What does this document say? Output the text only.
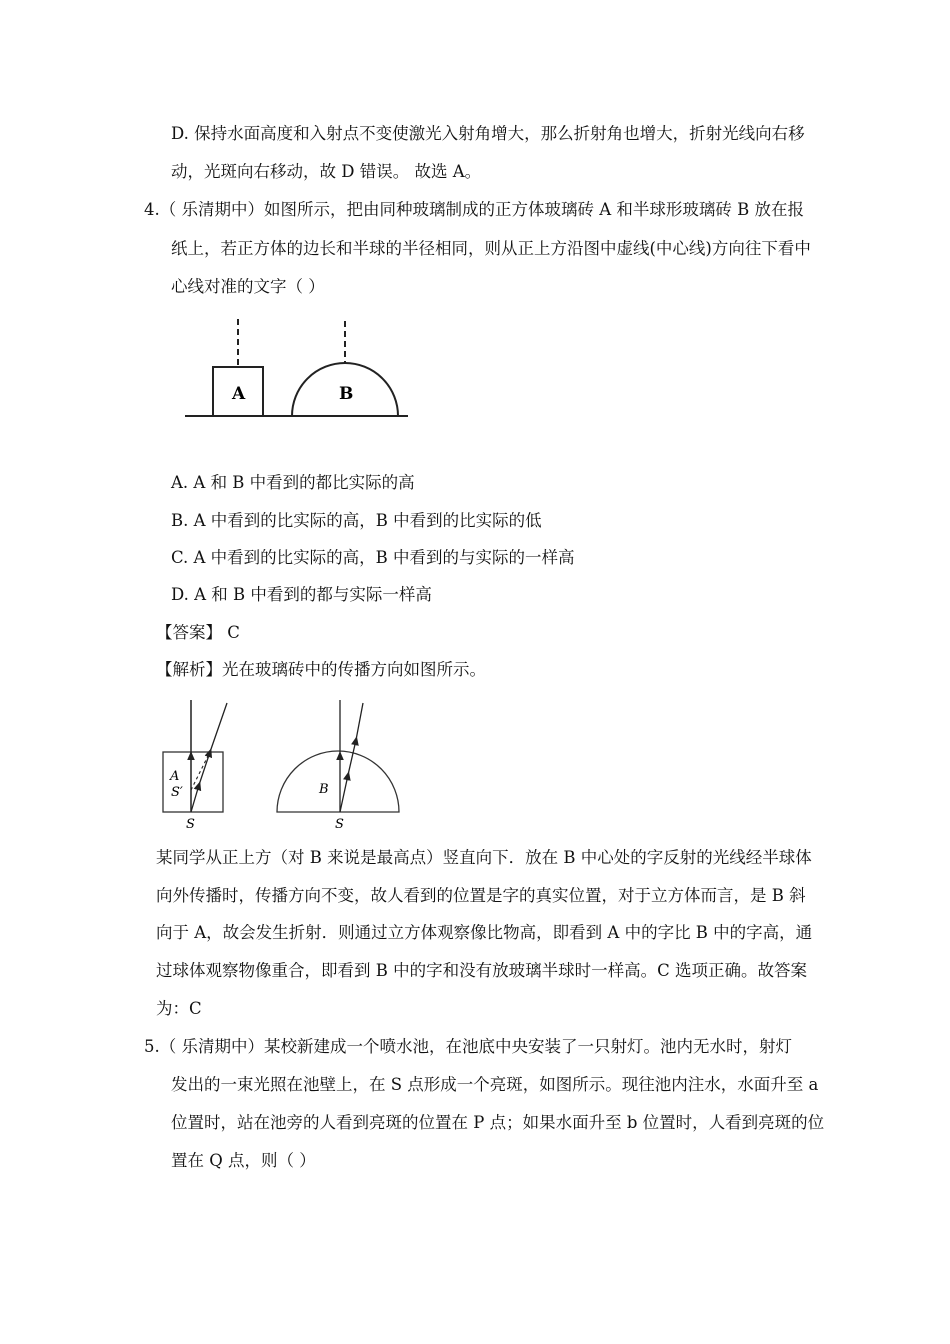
D. 保持水面高度和入射点不变使激光入射角增大，那么折射角也增大，折射光线向右移
动，光斑向右移动，故 D 错误。 故选 A。
4.（ 乐清期中）如图所示，把由同种玻璃制成的正方体玻璃砖 A 和半球形玻璃砖 B 放在报
纸上，若正方体的边长和半球的半径相同，则从正上方沿图中虚线(中心线)方向往下看中
心线对准的文字（ ）
A	B
A. A 和 B 中看到的都比实际的高
B. A 中看到的比实际的高，B 中看到的比实际的低
C. A 中看到的比实际的高，B 中看到的与实际的一样高
D. A 和 B 中看到的都与实际一样高
【答案】 C
【解析】光在玻璃砖中的传播方向如图所示。
A
S′
S
B
S
某同学从正上方（对 B 来说是最高点）竖直向下．放在 B 中心处的字反射的光线经半球体
向外传播时，传播方向不变，故人看到的位置是字的真实位置，对于立方体而言，是 B 斜
向于 A，故会发生折射．则通过立方体观察像比物高，即看到 A 中的字比 B 中的字高，通
过球体观察物像重合，即看到 B 中的字和没有放玻璃半球时一样高。C 选项正确。故答案
为：C
5.（ 乐清期中）某校新建成一个喷水池，在池底中央安装了一只射灯。池内无水时，射灯
发出的一束光照在池壁上，在 S 点形成一个亮斑，如图所示。现往池内注水，水面升至 a
位置时，站在池旁的人看到亮斑的位置在 P 点；如果水面升至 b 位置时，人看到亮斑的位
置在 Q 点，则（ ）
